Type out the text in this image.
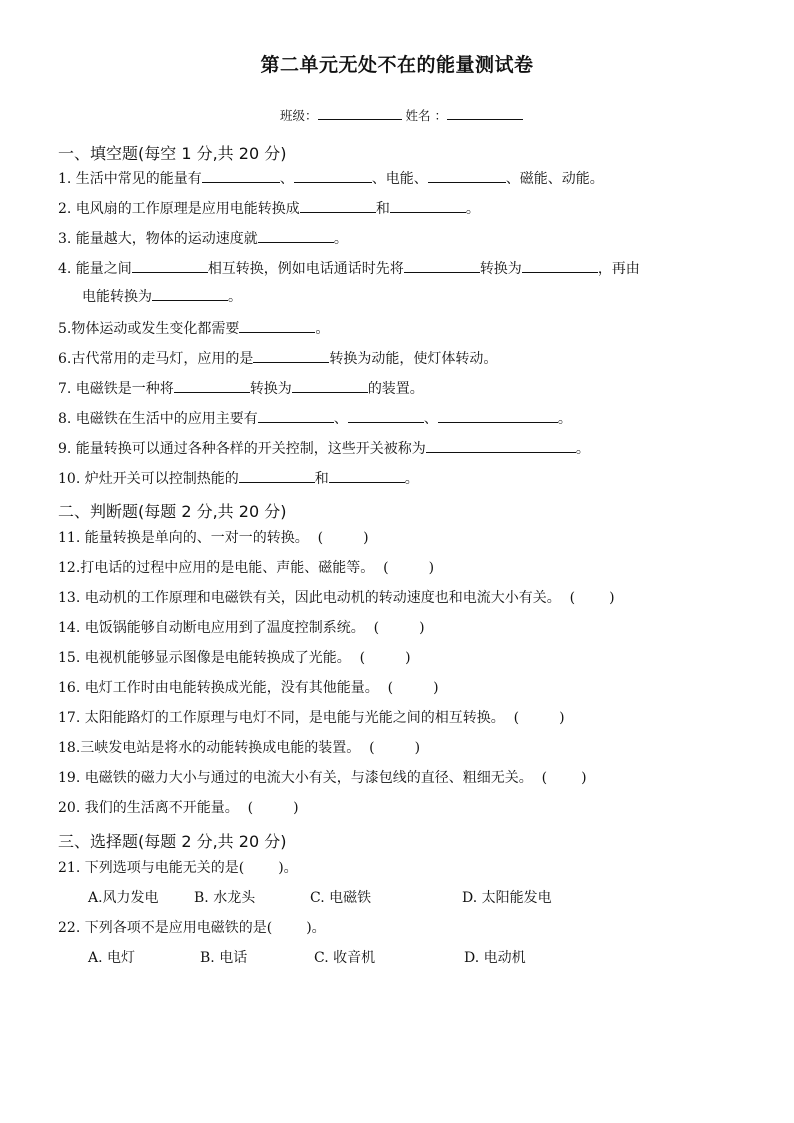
第二单元无处不在的能量测试卷
班级：	姓名 ：
一、填空题(每空 1 分,共 20 分)
1. 生活中常见的能量有	、	、电能、	、磁能、动能。
2. 电风扇的工作原理是应用电能转换成	和	。
3. 能量越大，物体的运动速度就	。
4. 能量之间	相互转换，例如电话通话时先将	转换为	，再由
电能转换为	。
5.物体运动或发生变化都需要	。
6.古代常用的走马灯，应用的是	转换为动能，使灯体转动。
7. 电磁铁是一种将	转换为	的装置。
8. 电磁铁在生活中的应用主要有	、	、	。
9. 能量转换可以通过各种各样的开关控制，这些开关被称为	。
10. 炉灶开关可以控制热能的	和	。
二、判断题(每题 2 分,共 20 分)
11. 能量转换是单向的、一对一的转换。 (	)
12.打电话的过程中应用的是电能、声能、磁能等。 (	)
13. 电动机的工作原理和电磁铁有关，因此电动机的转动速度也和电流大小有关。 ( )
14. 电饭锅能够自动断电应用到了温度控制系统。 (	)
15. 电视机能够显示图像是电能转换成了光能。 (	)
16. 电灯工作时由电能转换成光能，没有其他能量。 (	)
17. 太阳能路灯的工作原理与电灯不同，是电能与光能之间的相互转换。 (	)
18.三峡发电站是将水的动能转换成电能的装置。 (	)
19. 电磁铁的磁力大小与通过的电流大小有关，与漆包线的直径、粗细无关。 ( )
20. 我们的生活离不开能量。 (	)
三、选择题(每题 2 分,共 20 分)
21. 下列选项与电能无关的是( )。
A.风力发电	B. 水龙头	C. 电磁铁	D. 太阳能发电
22. 下列各项不是应用电磁铁的是( )。
A. 电灯	B. 电话	C. 收音机	D. 电动机
